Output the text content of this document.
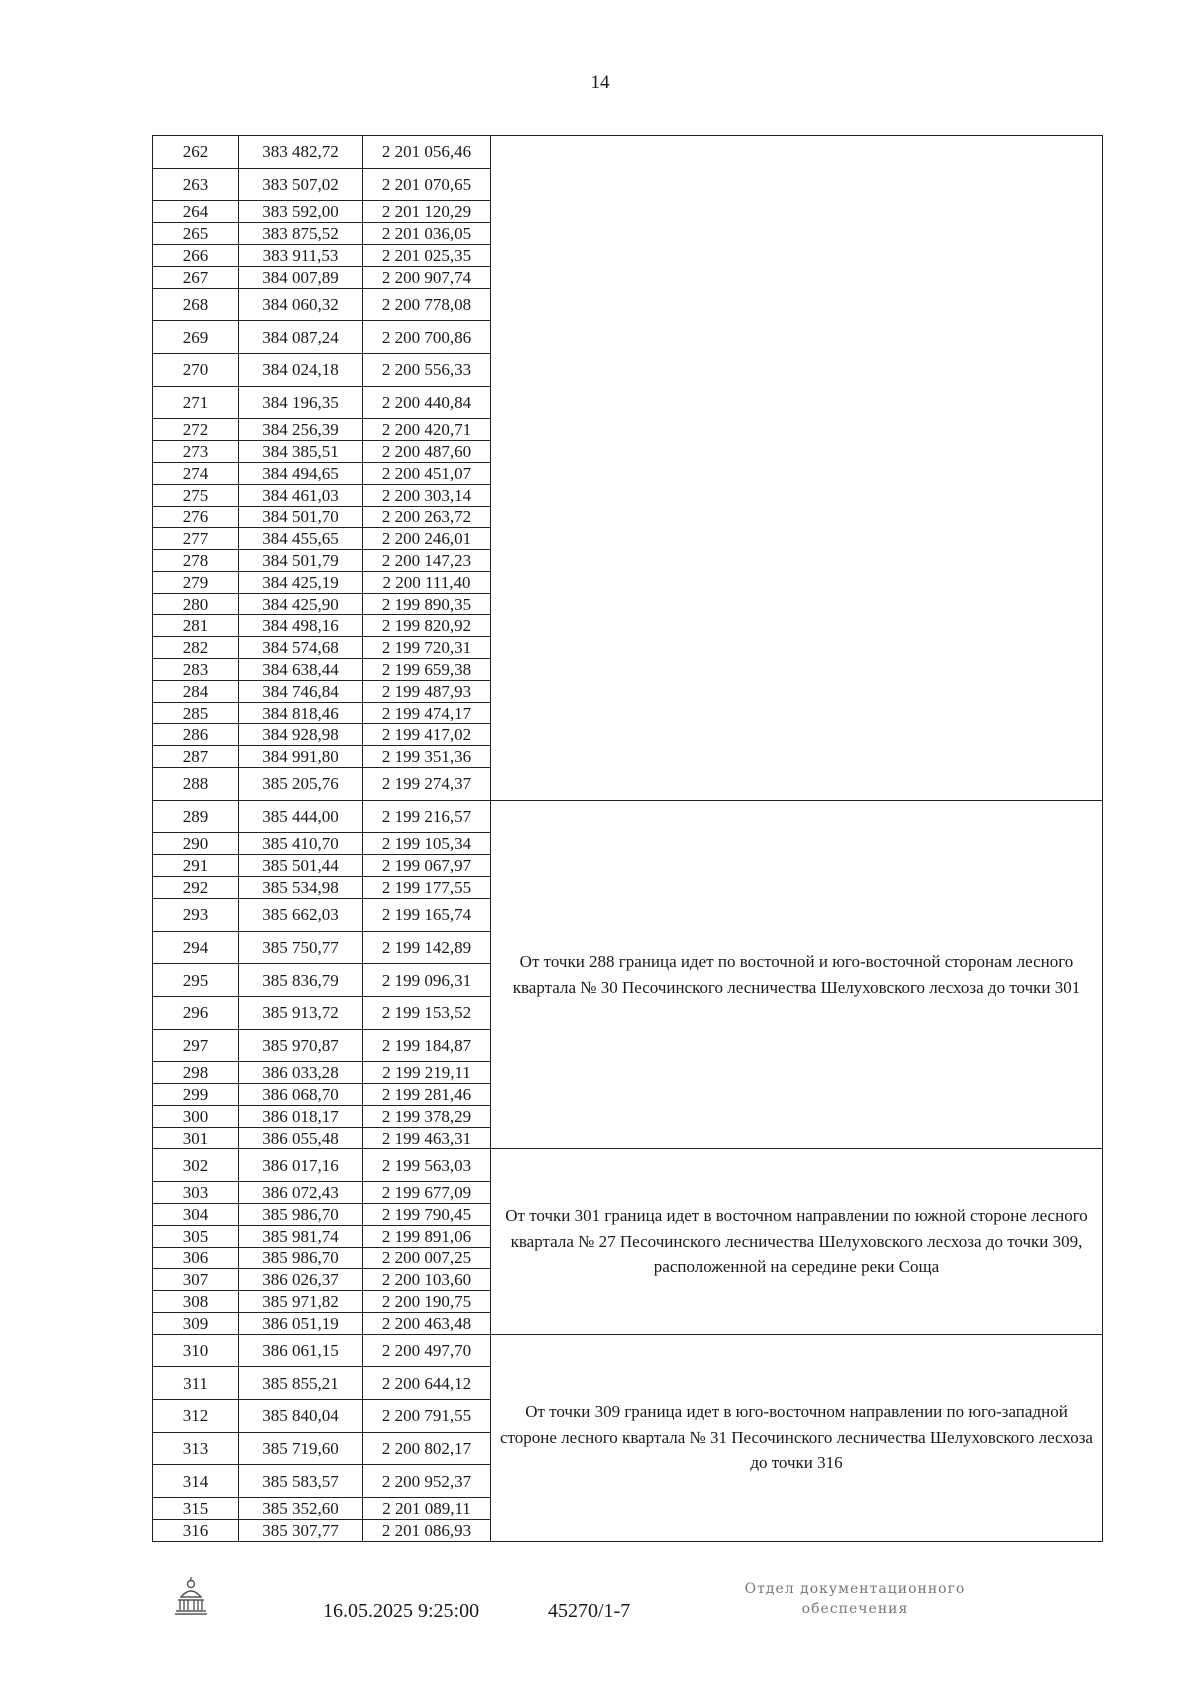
14
262	383 482,72	2 201 056,46	
263	383 507,02	2 201 070,65	
264	383 592,00	2 201 120,29	
265	383 875,52	2 201 036,05	
266	383 911,53	2 201 025,35	
267	384 007,89	2 200 907,74	
268	384 060,32	2 200 778,08	
269	384 087,24	2 200 700,86	
270	384 024,18	2 200 556,33	
271	384 196,35	2 200 440,84	
272	384 256,39	2 200 420,71	
273	384 385,51	2 200 487,60	
274	384 494,65	2 200 451,07	
275	384 461,03	2 200 303,14	
276	384 501,70	2 200 263,72	
277	384 455,65	2 200 246,01	
278	384 501,79	2 200 147,23	
279	384 425,19	2 200 111,40	
280	384 425,90	2 199 890,35	
281	384 498,16	2 199 820,92	
282	384 574,68	2 199 720,31	
283	384 638,44	2 199 659,38	
284	384 746,84	2 199 487,93	
285	384 818,46	2 199 474,17	
286	384 928,98	2 199 417,02	
287	384 991,80	2 199 351,36	
288	385 205,76	2 199 274,37	
289	385 444,00	2 199 216,57	От точки 288 граница идет по восточной и юго-восточной сторонам лесного квартала № 30 Песочинского лесничества Шелуховского лесхоза до точки 301
290	385 410,70	2 199 105,34	
291	385 501,44	2 199 067,97	
292	385 534,98	2 199 177,55	
293	385 662,03	2 199 165,74	
294	385 750,77	2 199 142,89	
295	385 836,79	2 199 096,31	
296	385 913,72	2 199 153,52	
297	385 970,87	2 199 184,87	
298	386 033,28	2 199 219,11	
299	386 068,70	2 199 281,46	
300	386 018,17	2 199 378,29	
301	386 055,48	2 199 463,31	
302	386 017,16	2 199 563,03	От точки 301 граница идет в восточном направлении по южной стороне лесного квартала № 27 Песочинского лесничества Шелуховского лесхоза до точки 309, расположенной на середине реки Соща
303	386 072,43	2 199 677,09	
304	385 986,70	2 199 790,45	
305	385 981,74	2 199 891,06	
306	385 986,70	2 200 007,25	
307	386 026,37	2 200 103,60	
308	385 971,82	2 200 190,75	
309	386 051,19	2 200 463,48	
310	386 061,15	2 200 497,70	От точки 309 граница идет в юго-восточном направлении по юго-западной стороне лесного квартала № 31 Песочинского лесничества Шелуховского лесхоза до точки 316
311	385 855,21	2 200 644,12	
312	385 840,04	2 200 791,55	
313	385 719,60	2 200 802,17	
314	385 583,57	2 200 952,37	
315	385 352,60	2 201 089,11	
316	385 307,77	2 201 086,93	
16.05.2025 9:25:00	45270/1-7
Отдел документационного
обеспечения
